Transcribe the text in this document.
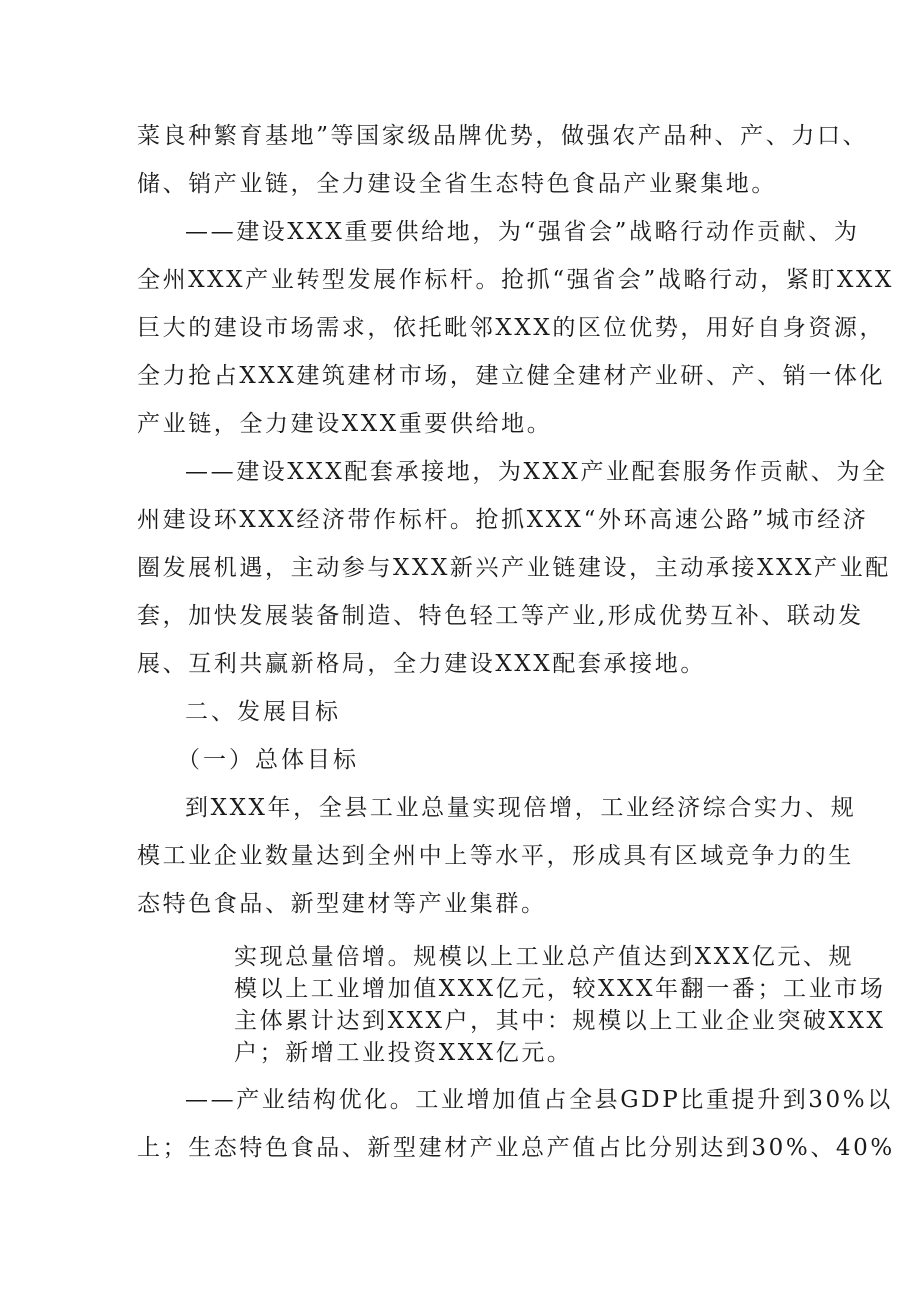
菜良种繁育基地”等国家级品牌优势，做强农产品种、产、力口、
储、销产业链，全力建设全省生态特色食品产业聚集地。
——建设XXX重要供给地，为“强省会”战略行动作贡献、为
全州XXX产业转型发展作标杆。抢抓“强省会”战略行动，紧盯XXX
巨大的建设市场需求，依托毗邻XXX的区位优势，用好自身资源，
全力抢占XXX建筑建材市场，建立健全建材产业研、产、销一体化
产业链，全力建设XXX重要供给地。
——建设XXX配套承接地，为XXX产业配套服务作贡献、为全
州建设环XXX经济带作标杆。抢抓XXX“外环高速公路”城市经济
圈发展机遇，主动参与XXX新兴产业链建设，主动承接XXX产业配
套，加快发展装备制造、特色轻工等产业,形成优势互补、联动发
展、互利共赢新格局，全力建设XXX配套承接地。
二、发展目标
（一）总体目标
到XXX年，全县工业总量实现倍增，工业经济综合实力、规
模工业企业数量达到全州中上等水平，形成具有区域竞争力的生
态特色食品、新型建材等产业集群。
实现总量倍增。规模以上工业总产值达到XXX亿元、规
模以上工业增加值XXX亿元，较XXX年翻一番；工业市场
主体累计达到XXX户，其中：规模以上工业企业突破XXX
户；新增工业投资XXX亿元。
——产业结构优化。工业增加值占全县GDP比重提升到30%以
上；生态特色食品、新型建材产业总产值占比分别达到30%、40%
